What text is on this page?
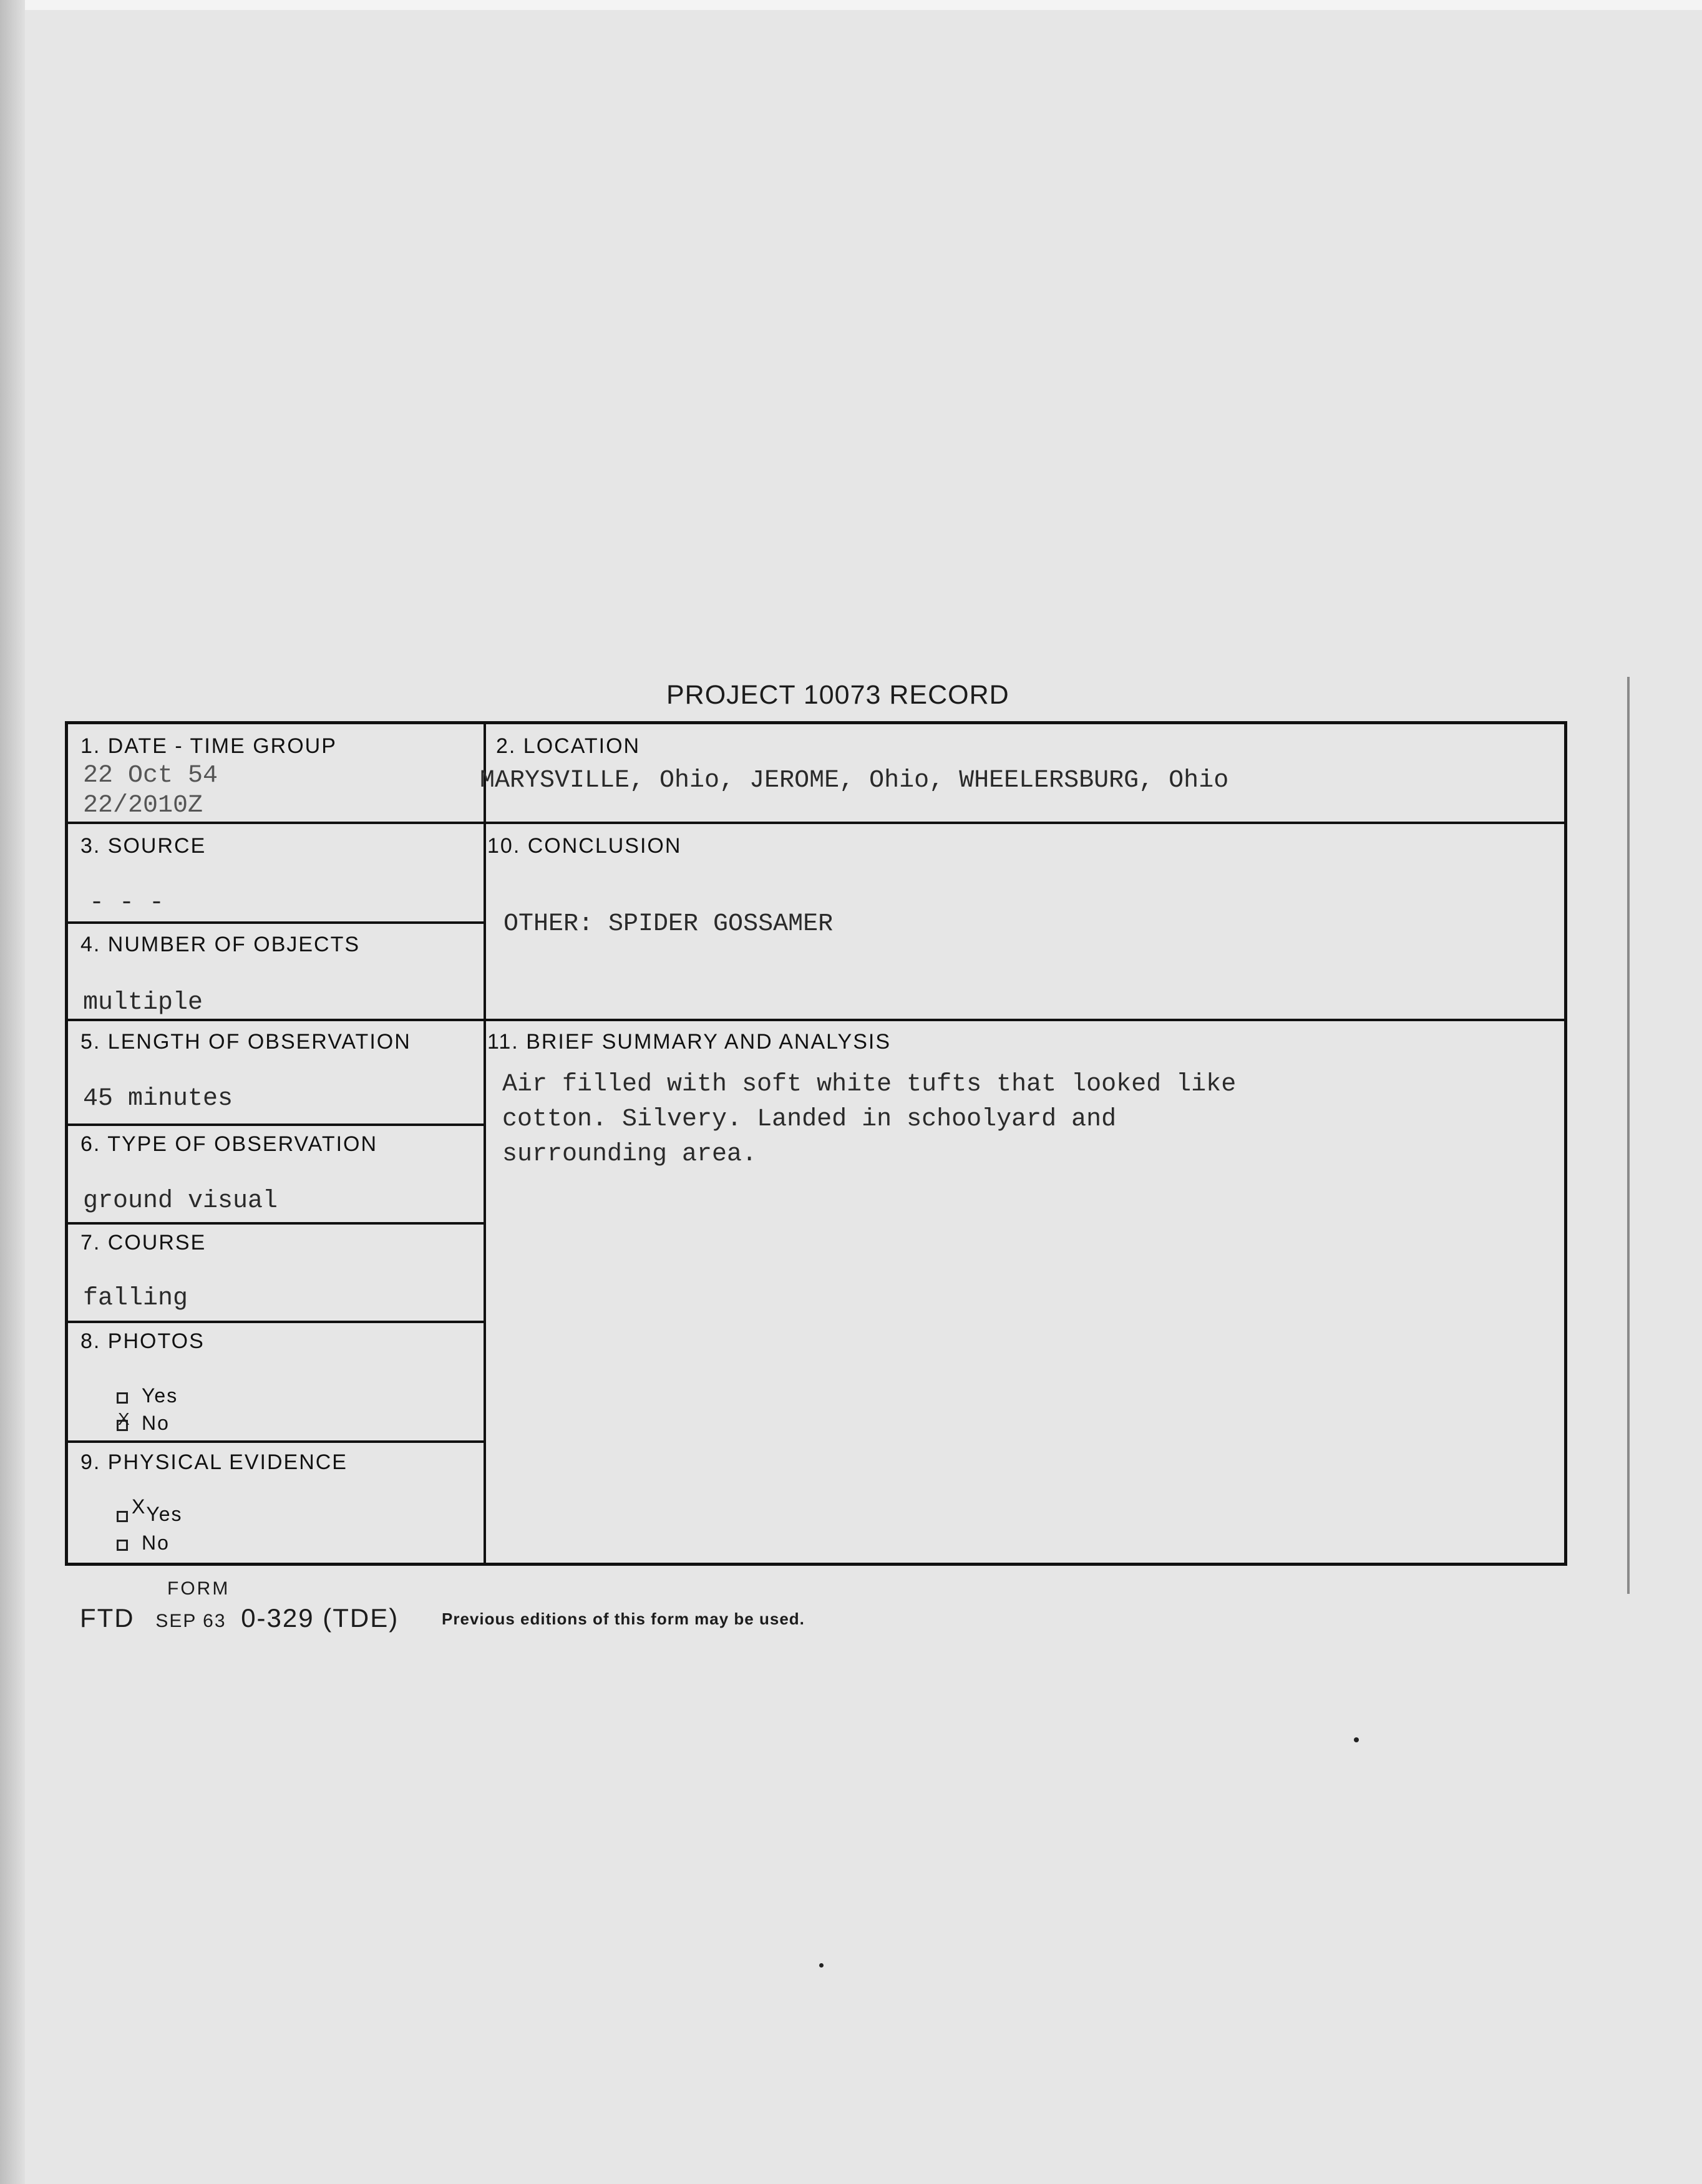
PROJECT 10073 RECORD
1. DATE - TIME GROUP
22 Oct 54
22/2010Z
2. LOCATION
MARYSVILLE, Ohio, JEROME, Ohio, WHEELERSBURG, Ohio
3. SOURCE
- - -
4. NUMBER OF OBJECTS
multiple
5. LENGTH OF OBSERVATION
45 minutes
6. TYPE OF OBSERVATION
ground visual
7. COURSE
falling
8. PHOTOS
Yes
No
X
9. PHYSICAL EVIDENCE
XYes
No
10. CONCLUSION
OTHER: SPIDER GOSSAMER
11. BRIEF SUMMARY AND ANALYSIS
Air filled with soft white tufts that looked like
cotton. Silvery. Landed in schoolyard and
surrounding area.
FORM
FTD SEP 63 0-329 (TDE)	Previous editions of this form may be used.
